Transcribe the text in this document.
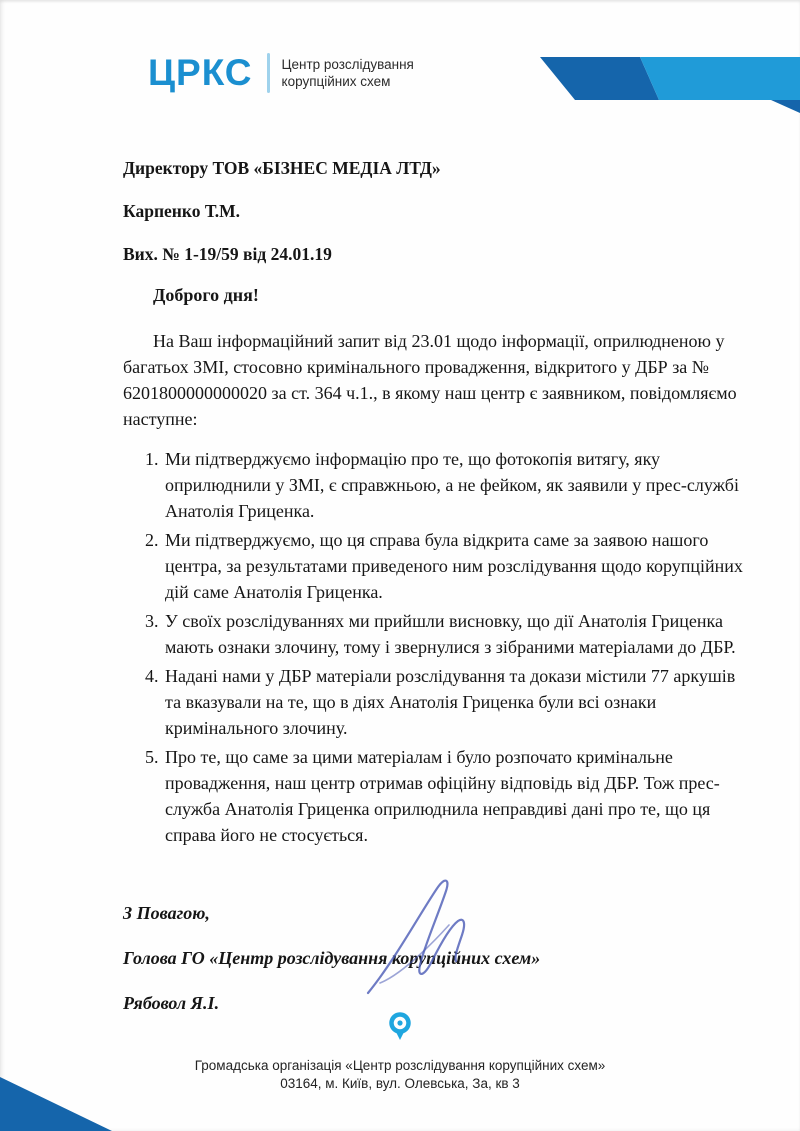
ЦРКС Центр розслідування
корупційних схем

Директору ТОВ «БІЗНЕС МЕДІА ЛТД»

Карпенко Т.М.

Вих. № 1-19/59 від 24.01.19

Доброго дня!

На Ваш інформаційний запит від 23.01 щодо інформації, оприлюдненою у багатьох ЗМІ, стосовно кримінального провадження, відкритого у ДБР за № 6201800000000020 за ст. 364 ч.1., в якому наш центр є заявником, повідомляємо наступне:

1. Ми підтверджуємо інформацію про те, що фотокопія витягу, яку оприлюднили у ЗМІ, є справжньою, а не фейком, як заявили у прес-службі Анатолія Гриценка.
2. Ми підтверджуємо, що ця справа була відкрита саме за заявою нашого центра, за результатами приведеного ним розслідування щодо корупційних дій саме Анатолія Гриценка.
3. У своїх розслідуваннях ми прийшли висновку, що дії Анатолія Гриценка мають ознаки злочину, тому і звернулися з зібраними матеріалами до ДБР.
4. Надані нами у ДБР матеріали розслідування та докази містили 77 аркушів та вказували на те, що в діях Анатолія Гриценка були всі ознаки кримінального злочину.
5. Про те, що саме за цими матеріалам і було розпочато кримінальне провадження, наш центр отримав офіційну відповідь від ДБР. Тож прес-служба Анатолія Гриценка оприлюднила неправдиві дані про те, що ця справа його не стосується.

З Повагою,

Голова ГО «Центр розслідування корупційних схем»

Рябовол Я.І.

Громадська організація «Центр розслідування корупційних схем»

03164, м. Київ, вул. Олевська, За, кв 3
